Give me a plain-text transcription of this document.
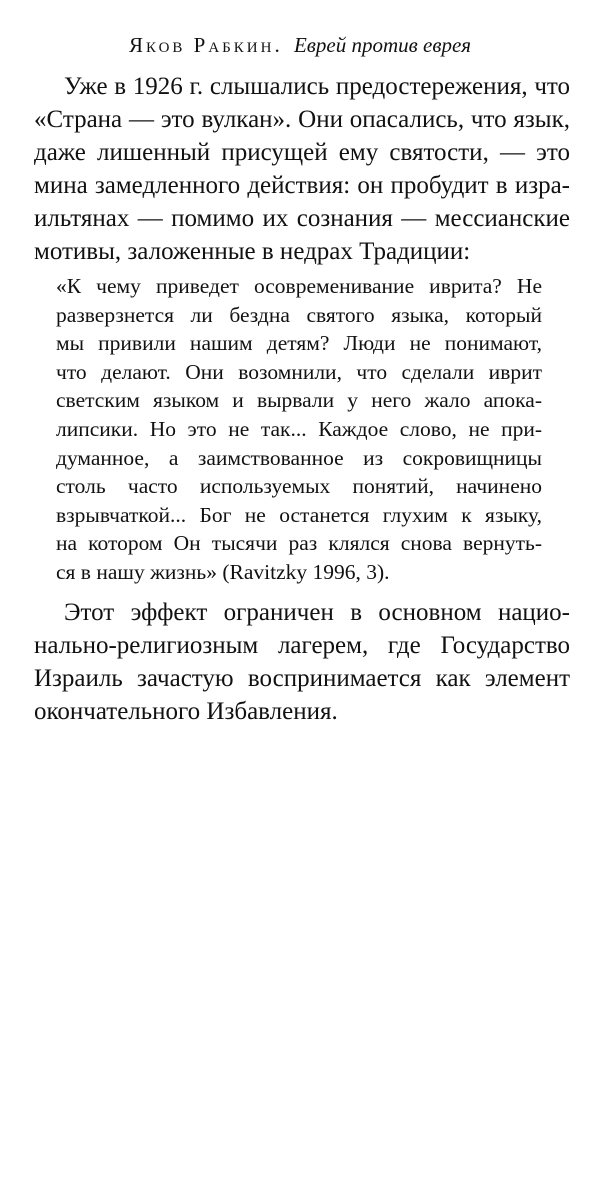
Яков Рабкин. Еврей против еврея
Уже в 1926 г. слышались предостережения, что
«Страна — это вулкан». Они опасались, что язык,
даже лишенный присущей ему святости, — это
мина замедленного действия: он пробудит в изра-
ильтянах — помимо их сознания — мессианские
мотивы, заложенные в недрах Традиции:
«К чему приведет осовременивание иврита? Не
разверзнется ли бездна святого языка, который
мы привили нашим детям? Люди не понимают,
что делают. Они возомнили, что сделали иврит
светским языком и вырвали у него жало апока-
липсики. Но это не так... Каждое слово, не при-
думанное, а заимствованное из сокровищницы
столь часто используемых понятий, начинено
взрывчаткой... Бог не останется глухим к языку,
на котором Он тысячи раз клялся снова вернуть-
ся в нашу жизнь» (Ravitzky 1996, 3).
Этот эффект ограничен в основном нацио-
нально-религиозным лагерем, где Государство
Израиль зачастую воспринимается как элемент
окончательного Избавления.
